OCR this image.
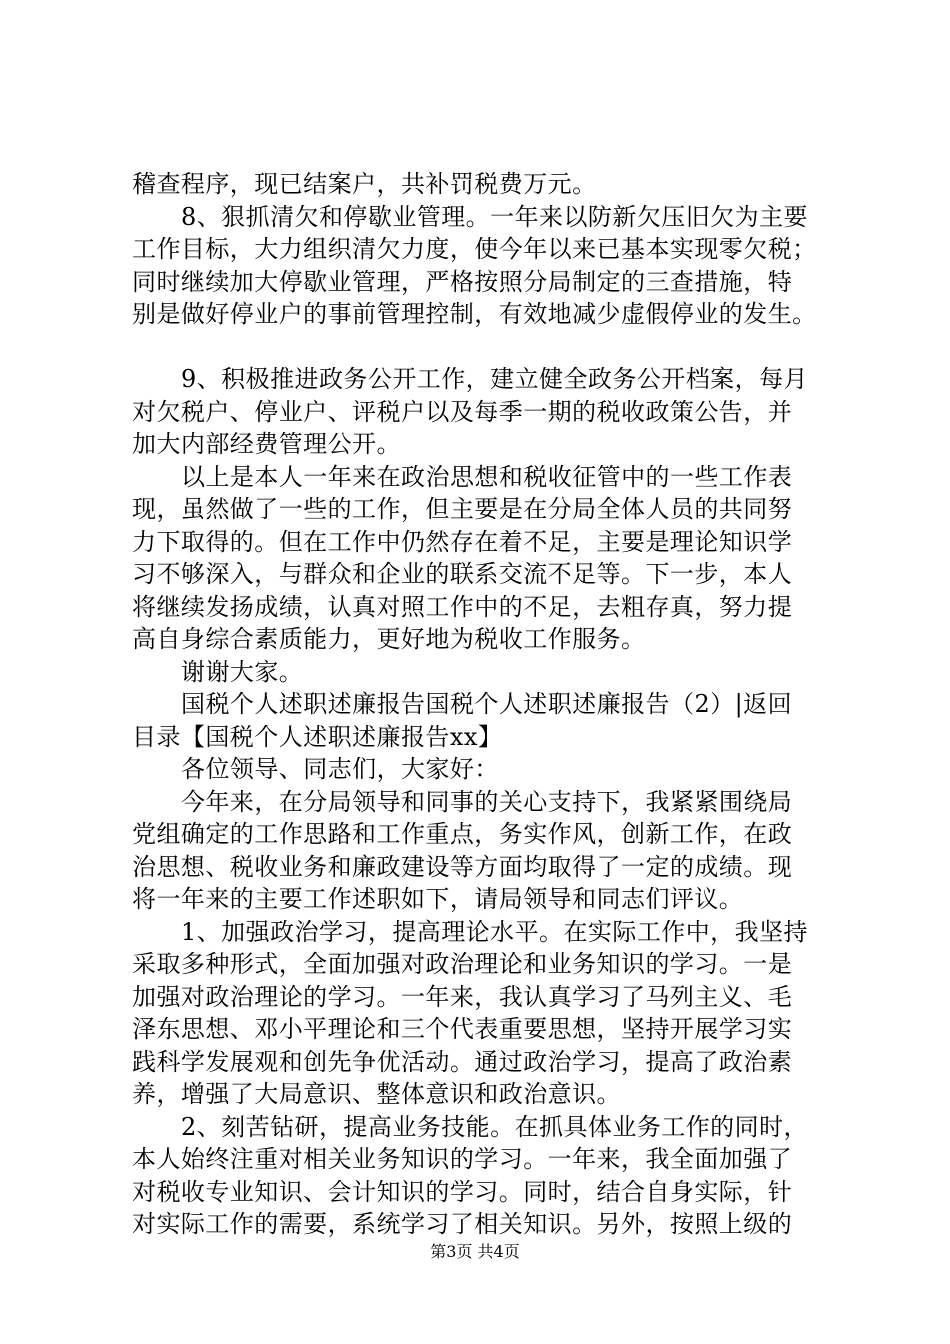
稽查程序，现已结案户，共补罚税费万元。
8、狠抓清欠和停歇业管理。一年来以防新欠压旧欠为主要
工作目标，大力组织清欠力度，使今年以来已基本实现零欠税；
同时继续加大停歇业管理，严格按照分局制定的三查措施，特
别是做好停业户的事前管理控制，有效地减少虚假停业的发生。
9、积极推进政务公开工作，建立健全政务公开档案，每月
对欠税户、停业户、评税户以及每季一期的税收政策公告，并
加大内部经费管理公开。
以上是本人一年来在政治思想和税收征管中的一些工作表
现，虽然做了一些的工作，但主要是在分局全体人员的共同努
力下取得的。但在工作中仍然存在着不足，主要是理论知识学
习不够深入，与群众和企业的联系交流不足等。下一步，本人
将继续发扬成绩，认真对照工作中的不足，去粗存真，努力提
高自身综合素质能力，更好地为税收工作服务。
谢谢大家。
国税个人述职述廉报告国税个人述职述廉报告（2）|返回
目录【国税个人述职述廉报告xx】
各位领导、同志们，大家好：
今年来，在分局领导和同事的关心支持下，我紧紧围绕局
党组确定的工作思路和工作重点，务实作风，创新工作，在政
治思想、税收业务和廉政建设等方面均取得了一定的成绩。现
将一年来的主要工作述职如下，请局领导和同志们评议。
1、加强政治学习，提高理论水平。在实际工作中，我坚持
采取多种形式，全面加强对政治理论和业务知识的学习。一是
加强对政治理论的学习。一年来，我认真学习了马列主义、毛
泽东思想、邓小平理论和三个代表重要思想，坚持开展学习实
践科学发展观和创先争优活动。通过政治学习，提高了政治素
养，增强了大局意识、整体意识和政治意识。
2、刻苦钻研，提高业务技能。在抓具体业务工作的同时，
本人始终注重对相关业务知识的学习。一年来，我全面加强了
对税收专业知识、会计知识的学习。同时，结合自身实际，针
对实际工作的需要，系统学习了相关知识。另外，按照上级的
第3页 共4页
